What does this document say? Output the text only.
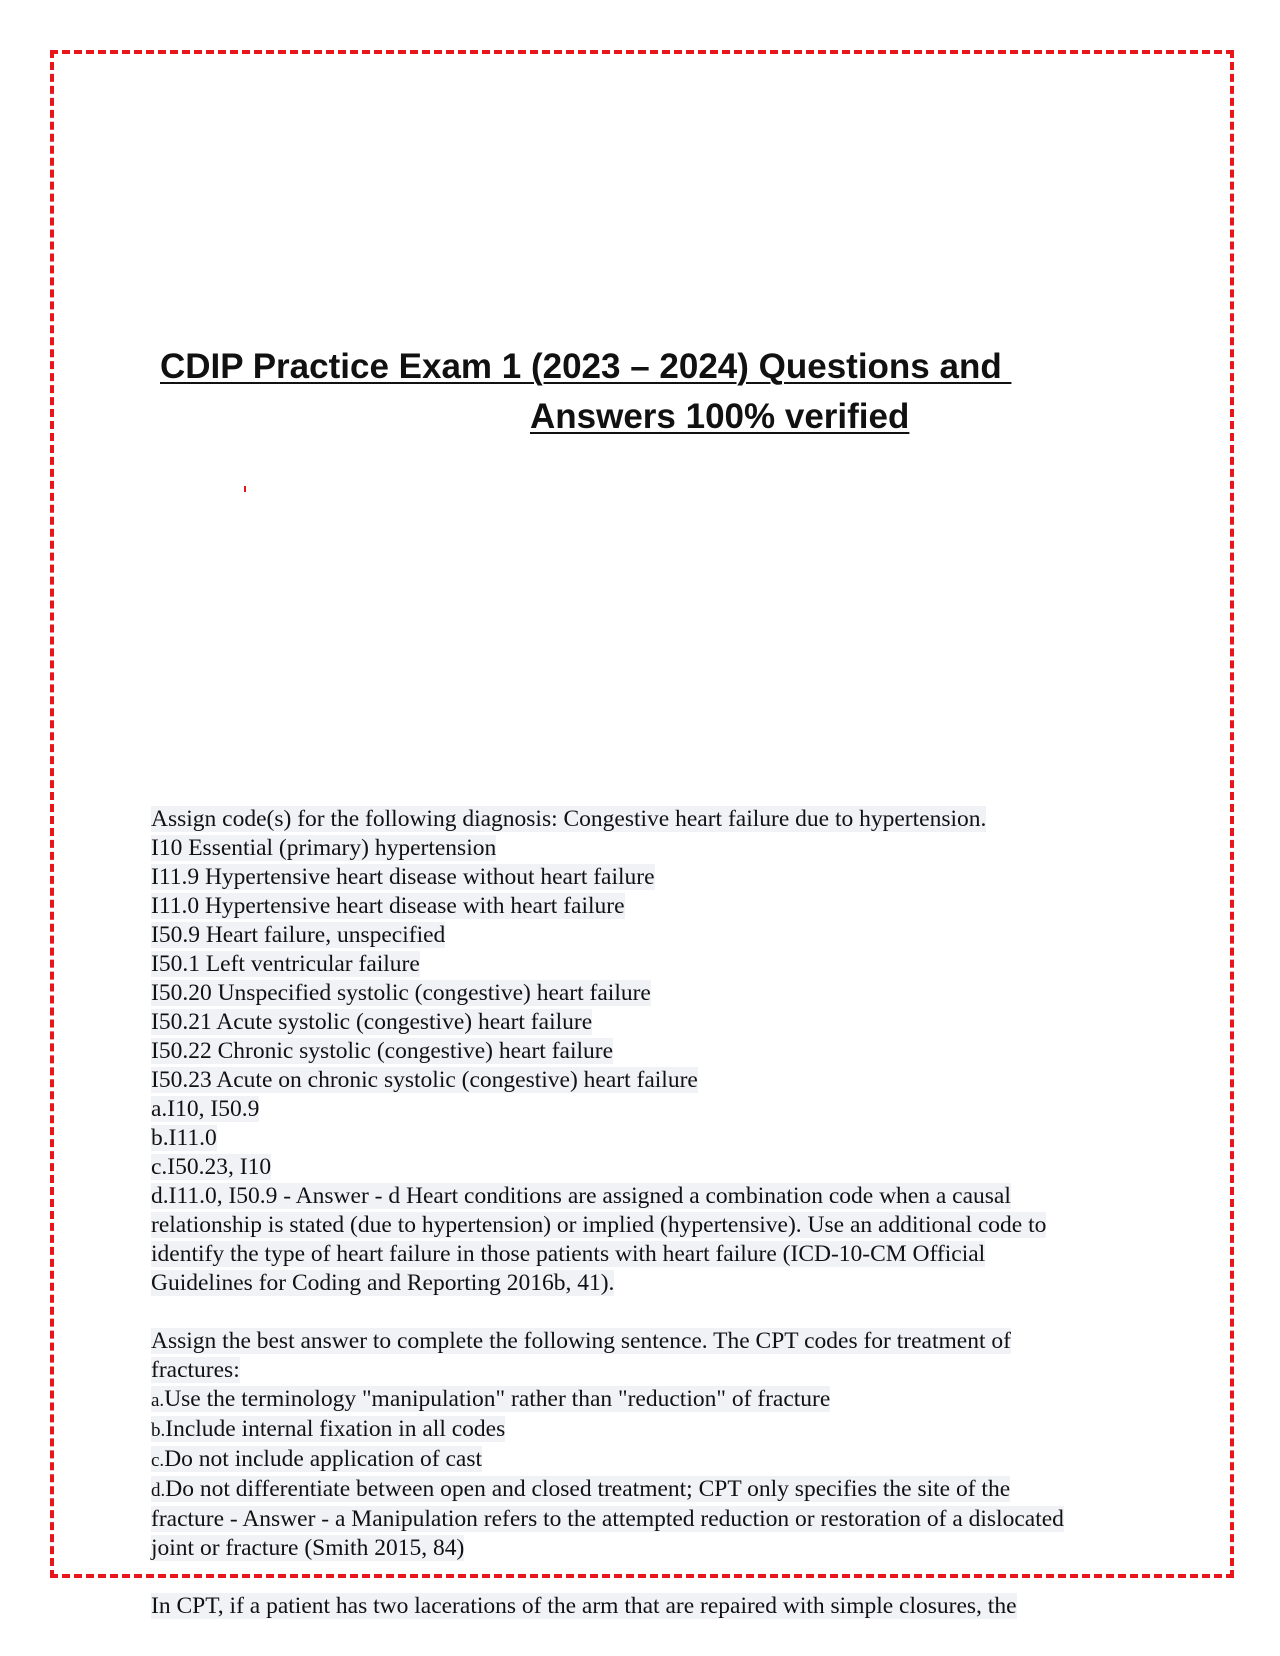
CDIP Practice Exam 1 (2023 – 2024) Questions and
Answers 100% verified
Assign code(s) for the following diagnosis: Congestive heart failure due to hypertension.
I10 Essential (primary) hypertension
I11.9 Hypertensive heart disease without heart failure
I11.0 Hypertensive heart disease with heart failure
I50.9 Heart failure, unspecified
I50.1 Left ventricular failure
I50.20 Unspecified systolic (congestive) heart failure
I50.21 Acute systolic (congestive) heart failure
I50.22 Chronic systolic (congestive) heart failure
I50.23 Acute on chronic systolic (congestive) heart failure
a.I10, I50.9
b.I11.0
c.I50.23, I10
d.I11.0, I50.9 - Answer - d Heart conditions are assigned a combination code when a causal
relationship is stated (due to hypertension) or implied (hypertensive). Use an additional code to
identify the type of heart failure in those patients with heart failure (ICD-10-CM Official
Guidelines for Coding and Reporting 2016b, 41).
Assign the best answer to complete the following sentence. The CPT codes for treatment of
fractures:
a.Use the terminology "manipulation" rather than "reduction" of fracture
b.Include internal fixation in all codes
c.Do not include application of cast
d.Do not differentiate between open and closed treatment; CPT only specifies the site of the
fracture - Answer - a Manipulation refers to the attempted reduction or restoration of a dislocated
joint or fracture (Smith 2015, 84)
In CPT, if a patient has two lacerations of the arm that are repaired with simple closures, the
